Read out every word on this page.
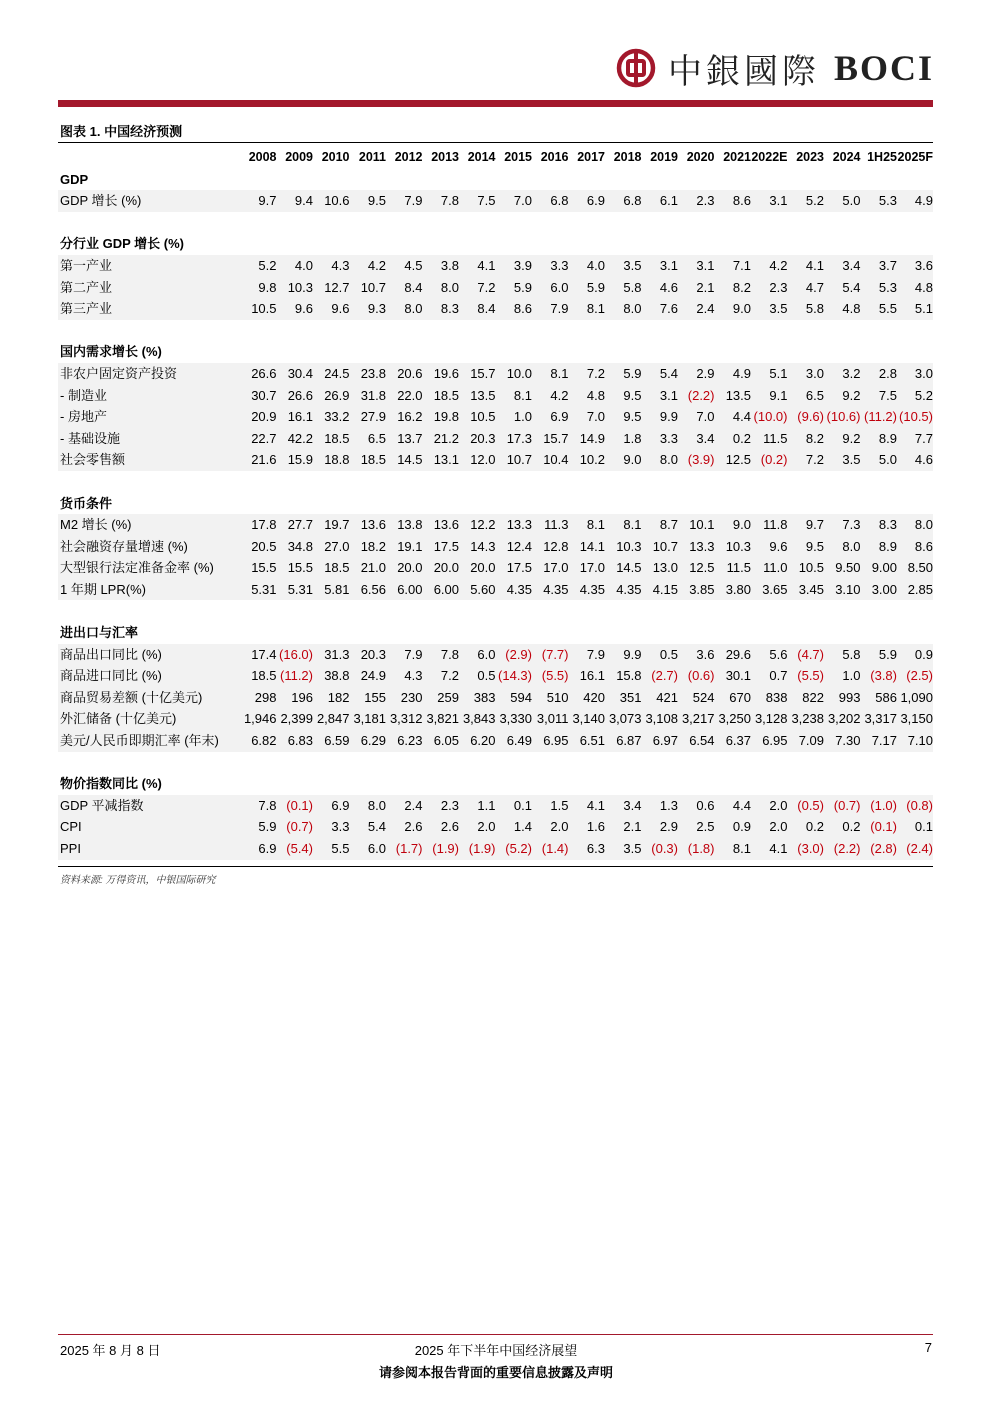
中銀國際 BOCI
图表 1. 中国经济预测
	2008	2009	2010	2011	2012	2013	2014	2015	2016	2017	2018	2019	2020	2021	2022E	2023	2024	1H25	2025F
GDP																			
GDP 增长 (%)	9.7	9.4	10.6	9.5	7.9	7.8	7.5	7.0	6.8	6.9	6.8	6.1	2.3	8.6	3.1	5.2	5.0	5.3	4.9

分行业 GDP 增长 (%)																			
第一产业	5.2	4.0	4.3	4.2	4.5	3.8	4.1	3.9	3.3	4.0	3.5	3.1	3.1	7.1	4.2	4.1	3.4	3.7	3.6
第二产业	9.8	10.3	12.7	10.7	8.4	8.0	7.2	5.9	6.0	5.9	5.8	4.6	2.1	8.2	2.3	4.7	5.4	5.3	4.8
第三产业	10.5	9.6	9.6	9.3	8.0	8.3	8.4	8.6	7.9	8.1	8.0	7.6	2.4	9.0	3.5	5.8	4.8	5.5	5.1

国内需求增长 (%)																			
非农户固定资产投资	26.6	30.4	24.5	23.8	20.6	19.6	15.7	10.0	8.1	7.2	5.9	5.4	2.9	4.9	5.1	3.0	3.2	2.8	3.0
- 制造业	30.7	26.6	26.9	31.8	22.0	18.5	13.5	8.1	4.2	4.8	9.5	3.1	(2.2)	13.5	9.1	6.5	9.2	7.5	5.2
- 房地产	20.9	16.1	33.2	27.9	16.2	19.8	10.5	1.0	6.9	7.0	9.5	9.9	7.0	4.4	(10.0)	(9.6)	(10.6)	(11.2)	(10.5)
- 基础设施	22.7	42.2	18.5	6.5	13.7	21.2	20.3	17.3	15.7	14.9	1.8	3.3	3.4	0.2	11.5	8.2	9.2	8.9	7.7
社会零售额	21.6	15.9	18.8	18.5	14.5	13.1	12.0	10.7	10.4	10.2	9.0	8.0	(3.9)	12.5	(0.2)	7.2	3.5	5.0	4.6

货币条件																			
M2 增长 (%)	17.8	27.7	19.7	13.6	13.8	13.6	12.2	13.3	11.3	8.1	8.1	8.7	10.1	9.0	11.8	9.7	7.3	8.3	8.0
社会融资存量增速 (%)	20.5	34.8	27.0	18.2	19.1	17.5	14.3	12.4	12.8	14.1	10.3	10.7	13.3	10.3	9.6	9.5	8.0	8.9	8.6
大型银行法定准备金率 (%)	15.5	15.5	18.5	21.0	20.0	20.0	20.0	17.5	17.0	17.0	14.5	13.0	12.5	11.5	11.0	10.5	9.50	9.00	8.50
1 年期 LPR(%)	5.31	5.31	5.81	6.56	6.00	6.00	5.60	4.35	4.35	4.35	4.35	4.15	3.85	3.80	3.65	3.45	3.10	3.00	2.85

进出口与汇率																			
商品出口同比 (%)	17.4	(16.0)	31.3	20.3	7.9	7.8	6.0	(2.9)	(7.7)	7.9	9.9	0.5	3.6	29.6	5.6	(4.7)	5.8	5.9	0.9
商品进口同比 (%)	18.5	(11.2)	38.8	24.9	4.3	7.2	0.5	(14.3)	(5.5)	16.1	15.8	(2.7)	(0.6)	30.1	0.7	(5.5)	1.0	(3.8)	(2.5)
商品贸易差额 (十亿美元)	298	196	182	155	230	259	383	594	510	420	351	421	524	670	838	822	993	586	1,090
外汇储备 (十亿美元)	1,946	2,399	2,847	3,181	3,312	3,821	3,843	3,330	3,011	3,140	3,073	3,108	3,217	3,250	3,128	3,238	3,202	3,317	3,150
美元/人民币即期汇率 (年末)	6.82	6.83	6.59	6.29	6.23	6.05	6.20	6.49	6.95	6.51	6.87	6.97	6.54	6.37	6.95	7.09	7.30	7.17	7.10

物价指数同比 (%)																			
GDP 平减指数	7.8	(0.1)	6.9	8.0	2.4	2.3	1.1	0.1	1.5	4.1	3.4	1.3	0.6	4.4	2.0	(0.5)	(0.7)	(1.0)	(0.8)
CPI	5.9	(0.7)	3.3	5.4	2.6	2.6	2.0	1.4	2.0	1.6	2.1	2.9	2.5	0.9	2.0	0.2	0.2	(0.1)	0.1
PPI	6.9	(5.4)	5.5	6.0	(1.7)	(1.9)	(1.9)	(5.2)	(1.4)	6.3	3.5	(0.3)	(1.8)	8.1	4.1	(3.0)	(2.2)	(2.8)	(2.4)
资料来源: 万得资讯，中银国际研究
2025 年 8 月 8 日	2025 年下半年中国经济展望	7
请参阅本报告背面的重要信息披露及声明
